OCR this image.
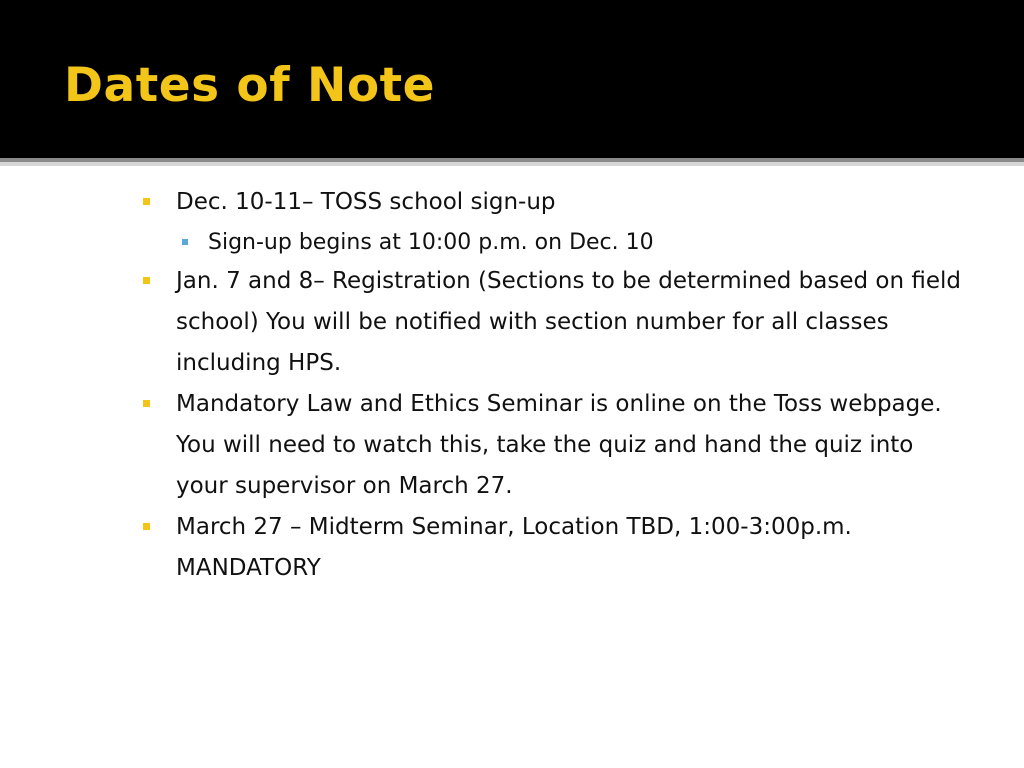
Dates of Note
Dec. 10-11– TOSS school sign-up
Sign-up begins at 10:00 p.m. on Dec. 10
Jan. 7 and 8– Registration (Sections to be determined based on field school) You will be notified with section number for all classes including HPS.
Mandatory Law and Ethics Seminar is online on the Toss webpage. You will need to watch this, take the quiz and hand the quiz into your supervisor on March 27.
March 27 – Midterm Seminar, Location TBD, 1:00-3:00p.m. MANDATORY
